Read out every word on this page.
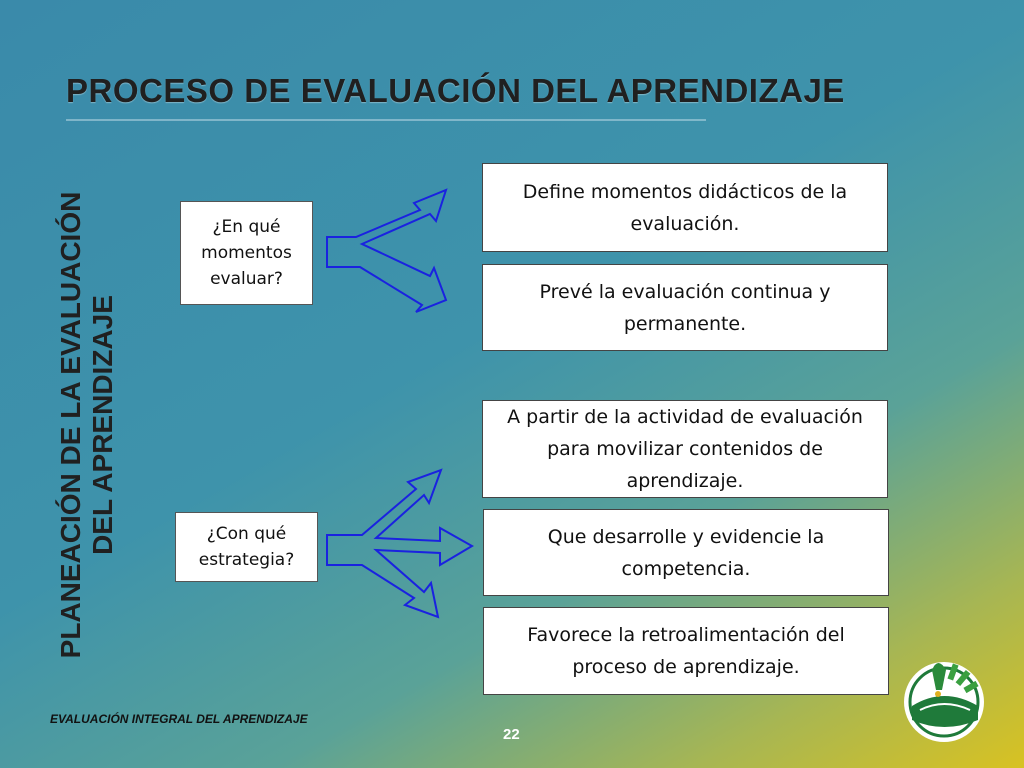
PROCESO DE EVALUACIÓN DEL APRENDIZAJE
PLANEACIÓN DE LA EVALUACIÓN DEL APRENDIZAJE
¿En qué momentos evaluar?
¿Con qué estrategia?
Define momentos didácticos de la evaluación.
Prevé la evaluación continua y permanente.
A partir de la actividad de evaluación para movilizar contenidos de aprendizaje.
Que desarrolle y evidencie la competencia.
Favorece la retroalimentación del proceso de aprendizaje.
EVALUACIÓN INTEGRAL DEL APRENDIZAJE
22
